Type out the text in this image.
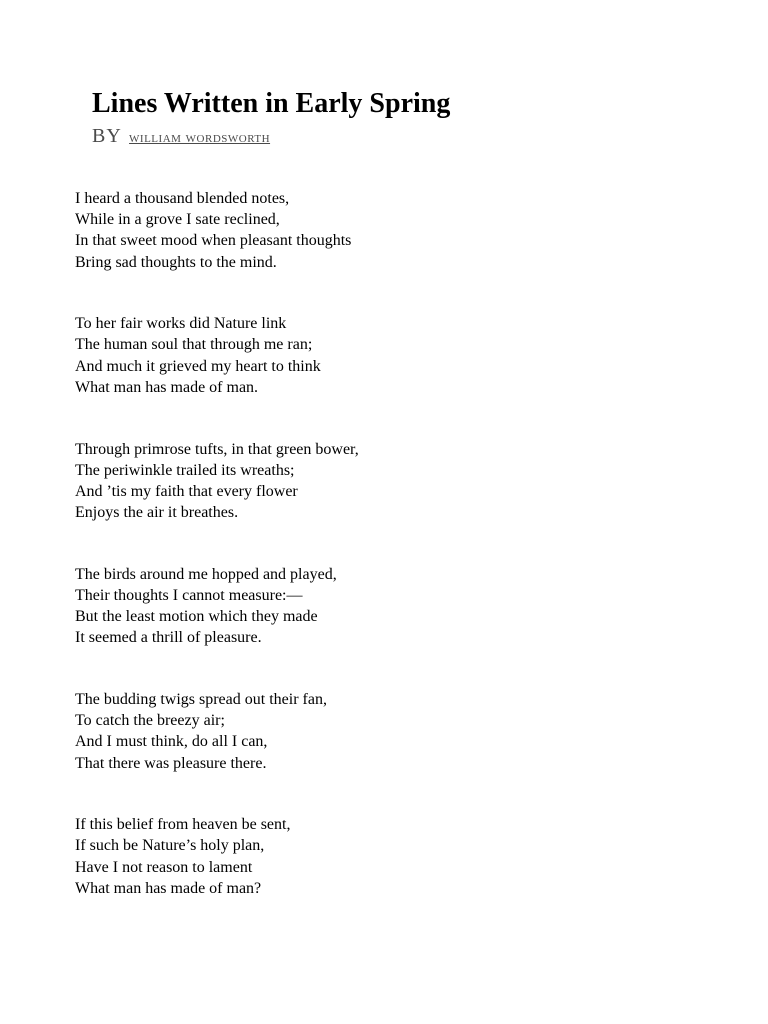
Lines Written in Early Spring
BY william wordsworth
I heard a thousand blended notes,
While in a grove I sate reclined,
In that sweet mood when pleasant thoughts
Bring sad thoughts to the mind.
To her fair works did Nature link
The human soul that through me ran;
And much it grieved my heart to think
What man has made of man.
Through primrose tufts, in that green bower,
The periwinkle trailed its wreaths;
And ’tis my faith that every flower
Enjoys the air it breathes.
The birds around me hopped and played,
Their thoughts I cannot measure:—
But the least motion which they made
It seemed a thrill of pleasure.
The budding twigs spread out their fan,
To catch the breezy air;
And I must think, do all I can,
That there was pleasure there.
If this belief from heaven be sent,
If such be Nature’s holy plan,
Have I not reason to lament
What man has made of man?
